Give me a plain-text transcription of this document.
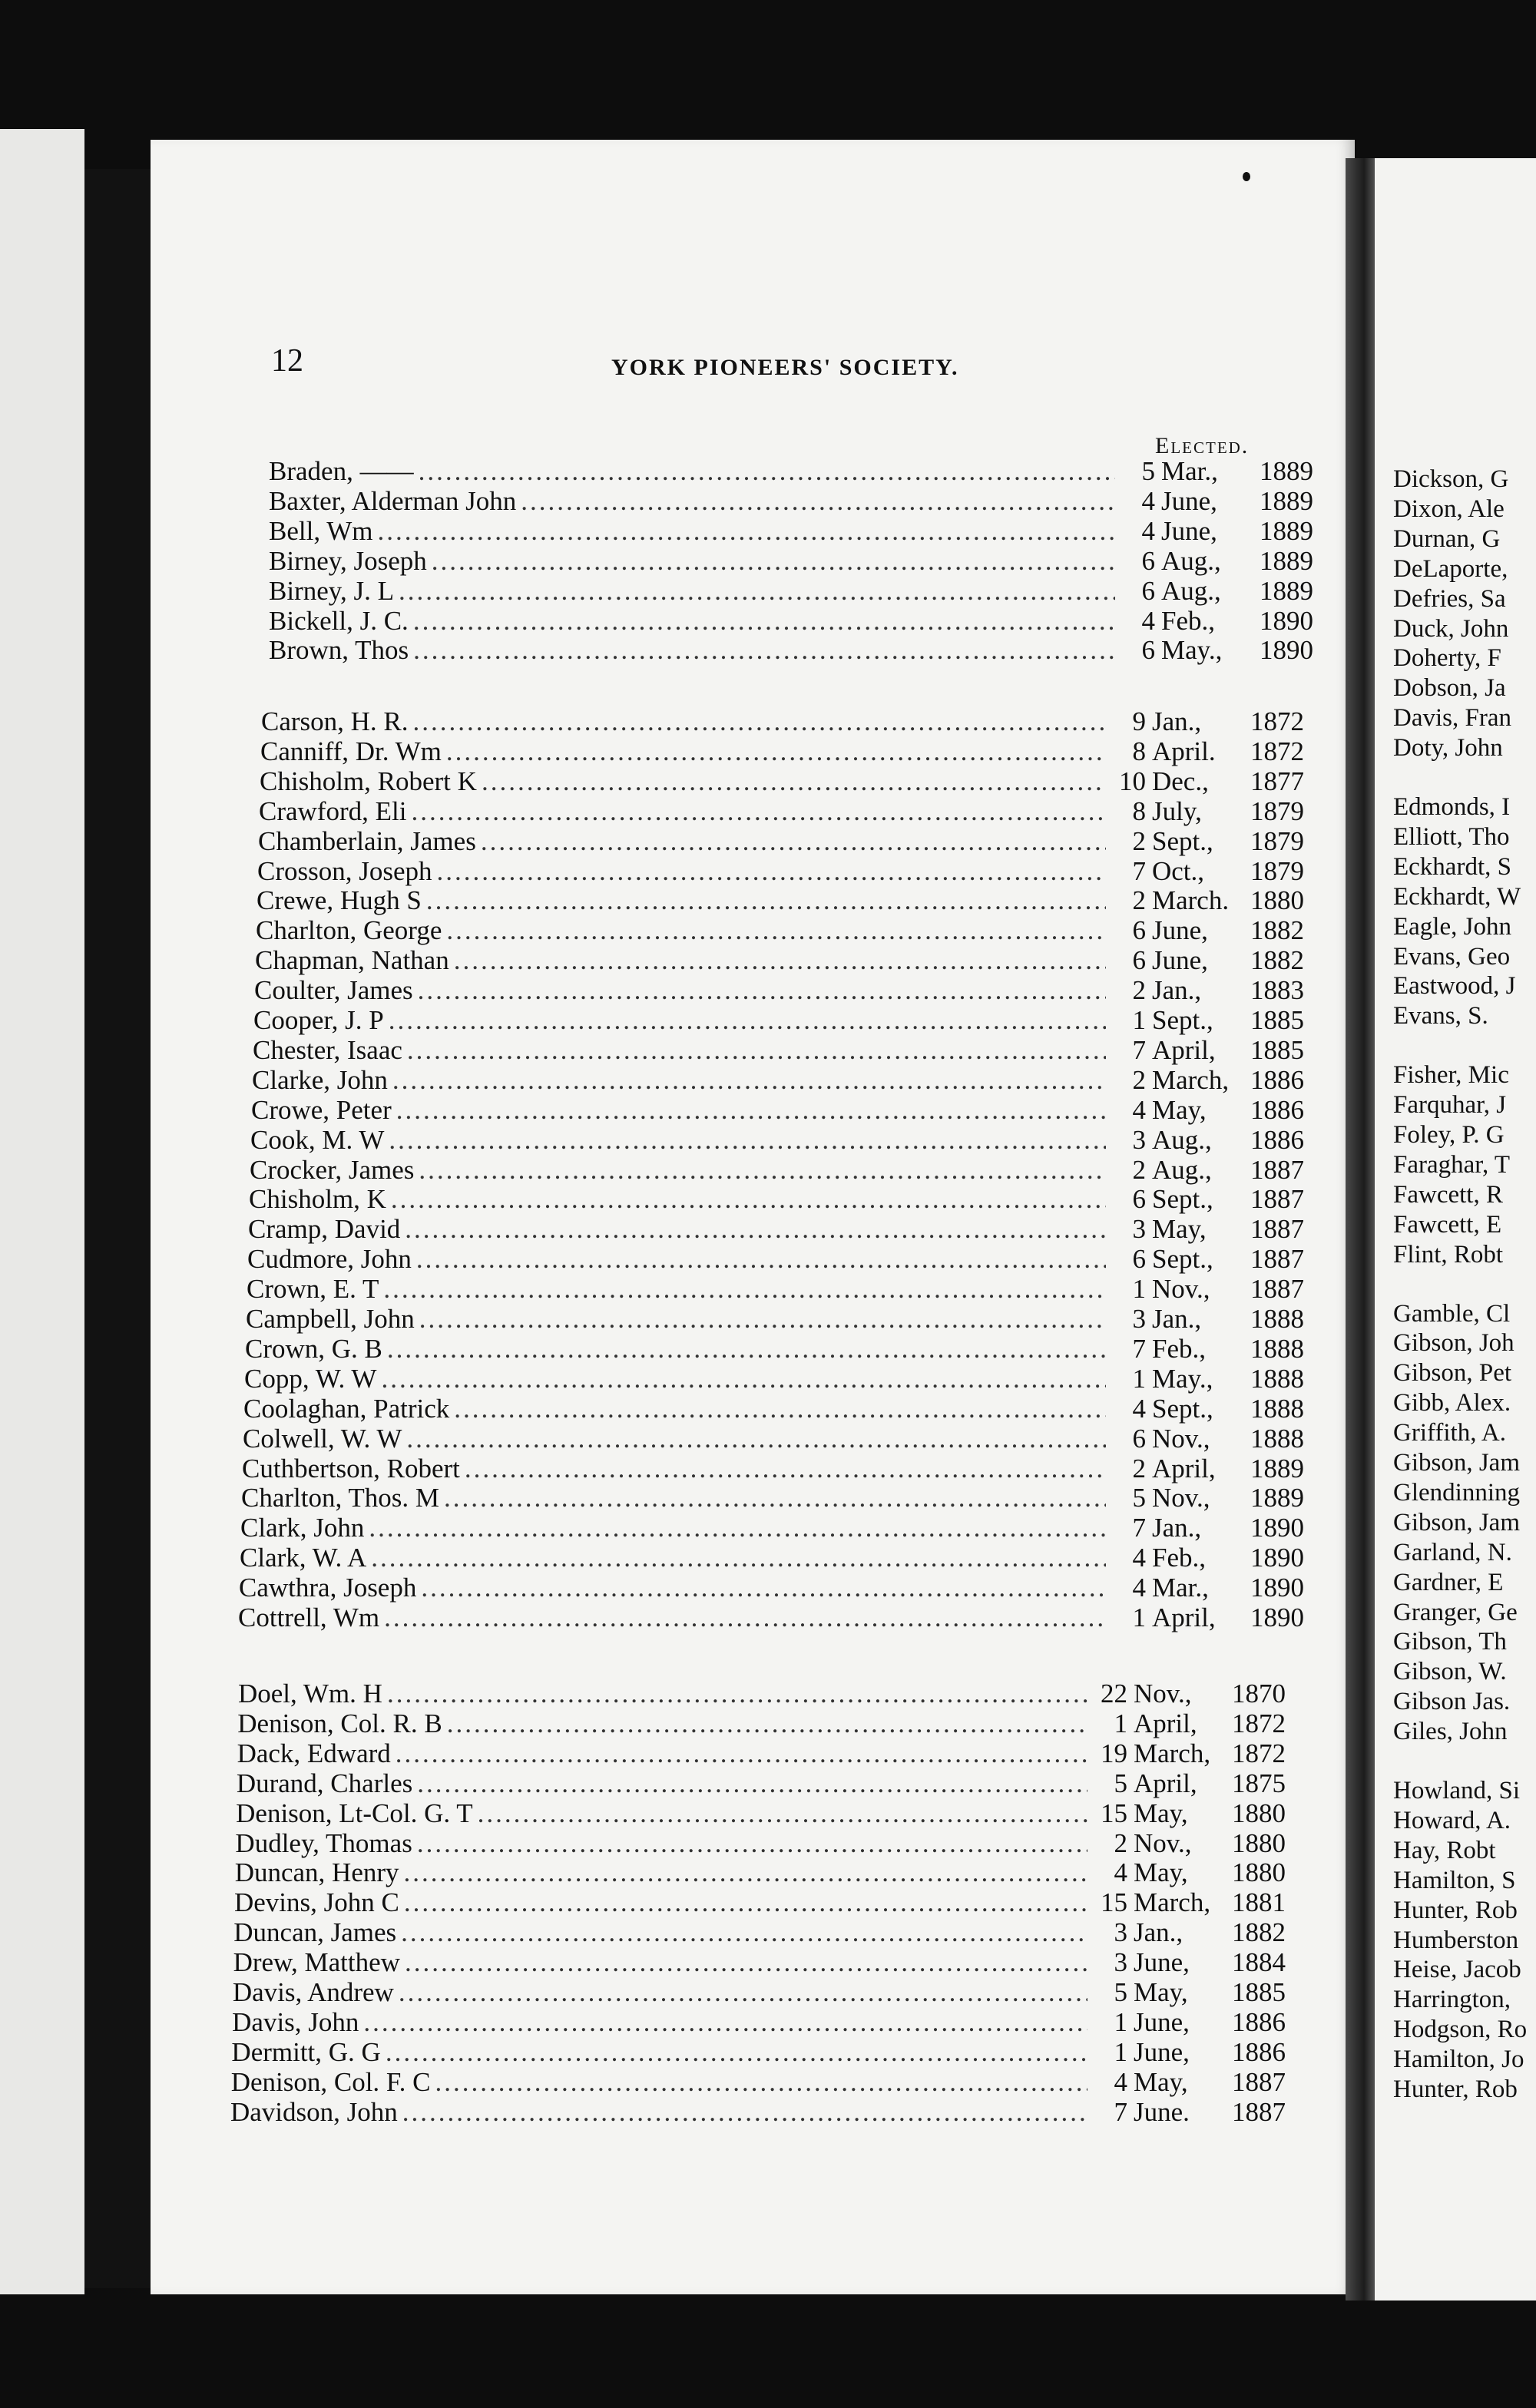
12	YORK PIONEERS' SOCIETY.
Elected.
Braden, —— .....	5 Mar.,	1889
Baxter, Alderman John .....	4 June,	1889
Bell, Wm .....	4 June,	1889
Birney, Joseph .....	6 Aug.,	1889
Birney, J. L .....	6 Aug.,	1889
Bickell, J. C. .....	4 Feb.,	1890
Brown, Thos .....	6 May.,	1890
Carson, H. R. .....	9 Jan.,	1872
Canniff, Dr. Wm .....	8 April.	1872
Chisholm, Robert K .....	10 Dec.,	1877
Crawford, Eli .....	8 July,	1879
Chamberlain, James .....	2 Sept.,	1879
Crosson, Joseph .....	7 Oct.,	1879
Crewe, Hugh S .....	2 March. 1880
Charlton, George .....	6 June,	1882
Chapman, Nathan .....	6 June,	1882
Coulter, James .....	2 Jan.,	1883
Cooper, J. P .....	1 Sept.,	1885
Chester, Isaac .....	7 April,	1885
Clarke, John .....	2 March, 1886
Crowe, Peter .....	4 May,	1886
Cook, M. W .....	3 Aug.,	1886
Crocker, James .....	2 Aug.,	1887
Chisholm, K .....	6 Sept.,	1887
Cramp, David .....	3 May,	1887
Cudmore, John .....	6 Sept.,	1887
Crown, E. T .....	1 Nov.,	1887
Campbell, John .....	3 Jan.,	1888
Crown, G. B .....	7 Feb.,	1888
Copp, W. W .....	1 May.,	1888
Coolaghan, Patrick .....	4 Sept.,	1888
Colwell, W. W .....	6 Nov.,	1888
Cuthbertson, Robert .....	2 April,	1889
Charlton, Thos. M .....	5 Nov.,	1889
Clark, John .....	7 Jan.,	1890
Clark, W. A .....	4 Feb.,	1890
Cawthra, Joseph .....	4 Mar.,	1890
Cottrell, Wm .....	1 April,	1890
Doel, Wm. H .....	22 Nov.,	1870
Denison, Col. R. B .....	1 April,	1872
Dack, Edward .....	19 March, 1872
Durand, Charles .....	5 April,	1875
Denison, Lt-Col. G. T .....	15 May,	1880
Dudley, Thomas .....	2 Nov.,	1880
Duncan, Henry .....	4 May,	1880
Devins, John C .....	15 March, 1881
Duncan, James .....	3 Jan.,	1882
Drew, Matthew .....	3 June,	1884
Davis, Andrew .....	5 May,	1885
Davis, John .....	1 June,	1886
Dermitt, G. G .....	1 June,	1886
Denison, Col. F. C .....	4 May,	1887
Davidson, John .....	7 June.	1887
Dickson, G
Dixon, Ale
Durnan, G
DeLaporte,
Defries, Sa
Duck, John
Doherty, F
Dobson, Ja
Davis, Fran
Doty, John
Edmonds, I
Elliott, Tho
Eckhardt, S
Eckhardt, W
Eagle, John
Evans, Geo
Eastwood, J
Evans, S.
Fisher, Mic
Farquhar, J
Foley, P. G
Faraghar, T
Fawcett, R
Fawcett, E
Flint, Robt
Gamble, Cl
Gibson, Joh
Gibson, Pet
Gibb, Alex.
Griffith, A.
Gibson, Jam
Glendinning
Gibson, Jam
Garland, N.
Gardner, E
Granger, Ge
Gibson, Th
Gibson, W.
Gibson Jas.
Giles, John
Howland, Si
Howard, A.
Hay, Robt
Hamilton, S
Hunter, Rob
Humberston
Heise, Jacob
Harrington,
Hodgson, Ro
Hamilton, Jo
Hunter, Rob
